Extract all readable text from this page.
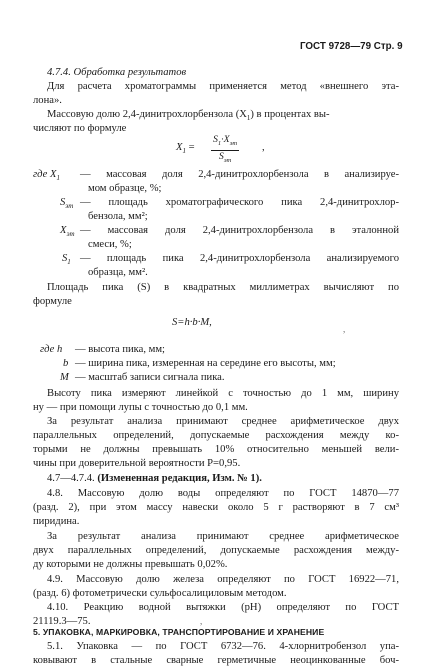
ГОСТ 9728—79 Стр. 9
4.7.4. Обработка результатов
Для расчета хроматограммы применяется метод «внешнего эта-
лона».
Массовую долю 2,4-динитрохлорбензола $(X_1)$ в процентах вы-
числяют по формуле
$X_1$ =
$S_1\cdot X_{эт}$
$S_{эт}$
,
где $X_1$ — массовая доля 2,4-динитрохлорбензола в анализируе-
мом образце, %;
$S_{эт}$ — площадь хроматографического пика 2,4-динитрохлор-
бензола, мм²;
$X_{эт}$ — массовая доля 2,4-динитрохлорбензола в эталонной
смеси, %;
$S_1$ — площадь пика 2,4-динитрохлорбензола анализируемого
образца, мм².
Площадь пика (S) в квадратных миллиметрах вычисляют по
формуле
S=h·b·M,
,
где h — высота пика, мм;
b — ширина пика, измеренная на середине его высоты, мм;
M — масштаб записи сигнала пика.
Высоту пика измеряют линейкой с точностью до 1 мм, ширину
ну — при помощи лупы с точностью до 0,1 мм.
За результат анализа принимают среднее арифметическое двух
параллельных определений, допускаемые расхождения между ко-
торыми не должны превышать 10% относительно меньшей вели-
чины при доверительной вероятности P=0,95.
4.7—4.7.4. (Измененная редакция, Изм. № 1).
4.8. Массовую долю воды определяют по ГОСТ 14870—77
(разд. 2), при этом массу навески около 5 г растворяют в 7 см³
пиридина.
За результат анализа принимают среднее арифметическое
двух параллельных определений, допускаемые расхождения между-
ду которыми не должны превышать 0,02%.
4.9. Массовую долю железа определяют по ГОСТ 16922—71,
(разд. 6) фотометрически сульфосалициловым методом.
4.10. Реакцию водной вытяжки (pH) определяют по ГОСТ
21119.3—75.	,
5. УПАКОВКА, МАРКИРОВКА, ТРАНСПОРТИРОВАНИЕ И ХРАНЕНИЕ
5.1. Упаковка — по ГОСТ 6732—76. 4-хлорнитробензол упа-
ковывают в стальные сварные герметичные неоцинкованные боч-
